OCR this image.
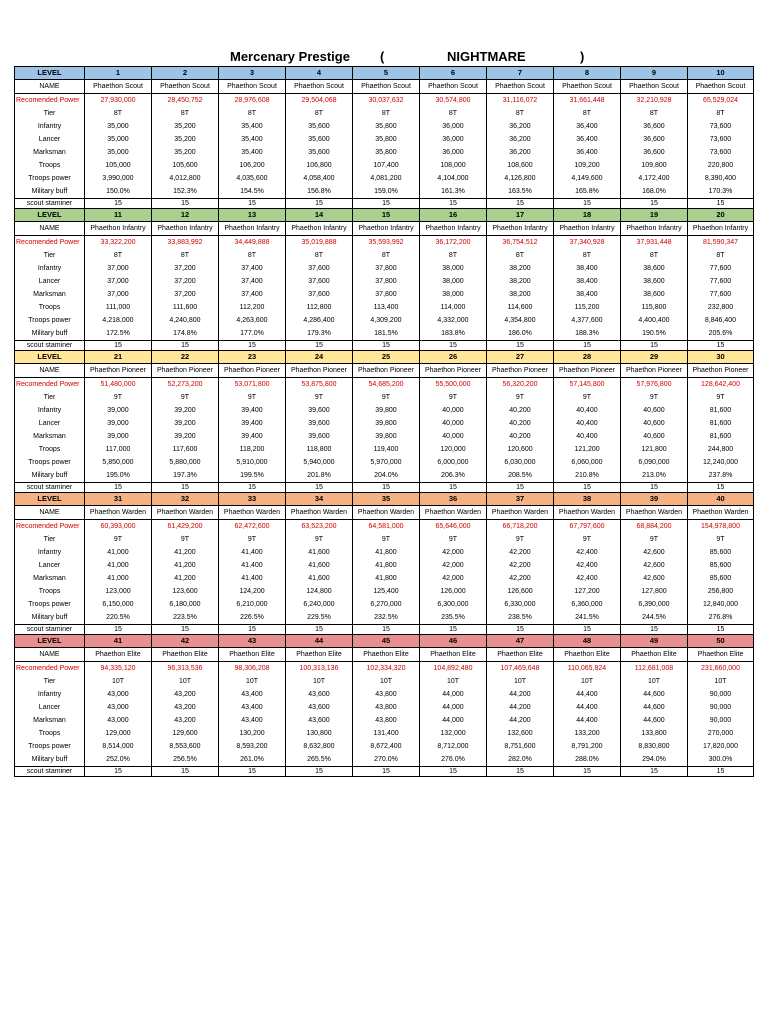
Mercenary Prestige (	NIGHTMARE	)
LEVEL	1	2	3	4	5	6	7	8	9	10
NAME	Phaethon Scout	Phaethon Scout	Phaethon Scout	Phaethon Scout	Phaethon Scout	Phaethon Scout	Phaethon Scout	Phaethon Scout	Phaethon Scout	Phaethon Scout
Recomended Power	27,930,000	28,450,752	28,976,608	29,504,068	30,037,632	30,574,800	31,116,072	31,661,448	32,210,928	65,529,024
Tier	8T	8T	8T	8T	8T	8T	8T	8T	8T	8T
Infantry	35,000	35,200	35,400	35,600	35,800	36,000	36,200	36,400	36,600	73,600
Lancer	35,000	35,200	35,400	35,600	35,800	36,000	36,200	36,400	36,600	73,600
Marksman	35,000	35,200	35,400	35,600	35,800	36,000	36,200	36,400	36,600	73,600
Troops	105,000	105,600	106,200	106,800	107,400	108,000	108,600	109,200	109,800	220,800
Troops power	3,990,000	4,012,800	4,035,600	4,058,400	4,081,200	4,104,000	4,126,800	4,149,600	4,172,400	8,390,400
Military buff	150.0%	152.3%	154.5%	156.8%	159.0%	161.3%	163.5%	165.8%	168.0%	170.3%
scout staminer	15	15	15	15	15	15	15	15	15	15
LEVEL	11	12	13	14	15	16	17	18	19	20
NAME	Phaethon Infantry	Phaethon Infantry	Phaethon Infantry	Phaethon Infantry	Phaethon Infantry	Phaethon Infantry	Phaethon Infantry	Phaethon Infantry	Phaethon Infantry	Phaethon Infantry
Recomended Power	33,322,200	33,883,992	34,449,888	35,019,888	35,593,992	36,172,200	36,754,512	37,340,928	37,931,448	81,590,347
Tier	8T	8T	8T	8T	8T	8T	8T	8T	8T	8T
Infantry	37,000	37,200	37,400	37,600	37,800	38,000	38,200	38,400	38,600	77,600
Lancer	37,000	37,200	37,400	37,600	37,800	38,000	38,200	38,400	38,600	77,600
Marksman	37,000	37,200	37,400	37,600	37,800	38,000	38,200	38,400	38,600	77,600
Troops	111,000	111,600	112,200	112,800	113,400	114,000	114,600	115,200	115,800	232,800
Troops power	4,218,000	4,240,800	4,263,600	4,286,400	4,309,200	4,332,000	4,354,800	4,377,600	4,400,400	8,846,400
Military buff	172.5%	174.8%	177.0%	179.3%	181.5%	183.8%	186.0%	188.3%	190.5%	205.6%
scout staminer	15	15	15	15	15	15	15	15	15	15
LEVEL	21	22	23	24	25	26	27	28	29	30
NAME	Phaethon Pioneer	Phaethon Pioneer	Phaethon Pioneer	Phaethon Pioneer	Phaethon Pioneer	Phaethon Pioneer	Phaethon Pioneer	Phaethon Pioneer	Phaethon Pioneer	Phaethon Pioneer
Recomended Power	51,480,000	52,273,200	53,071,800	53,875,800	54,685,200	55,500,000	56,320,200	57,145,800	57,976,800	128,642,400
Tier	9T	9T	9T	9T	9T	9T	9T	9T	9T	9T
Infantry	39,000	39,200	39,400	39,600	39,800	40,000	40,200	40,400	40,600	81,600
Lancer	39,000	39,200	39,400	39,600	39,800	40,000	40,200	40,400	40,600	81,600
Marksman	39,000	39,200	39,400	39,600	39,800	40,000	40,200	40,400	40,600	81,600
Troops	117,000	117,600	118,200	118,800	119,400	120,000	120,600	121,200	121,800	244,800
Troops power	5,850,000	5,880,000	5,910,000	5,940,000	5,970,000	6,000,000	6,030,000	6,060,000	6,090,000	12,240,000
Military buff	195.0%	197.3%	199.5%	201.8%	204.0%	206.3%	208.5%	210.8%	213.0%	237.8%
scout staminer	15	15	15	15	15	15	15	15	15	15
LEVEL	31	32	33	34	35	36	37	38	39	40
NAME	Phaethon Warden	Phaethon Warden	Phaethon Warden	Phaethon Warden	Phaethon Warden	Phaethon Warden	Phaethon Warden	Phaethon Warden	Phaethon Warden	Phaethon Warden
Recomended Power	60,393,000	61,429,200	62,472,600	63,523,200	64,581,000	65,646,000	66,718,200	67,797,600	68,884,200	154,978,800
Tier	9T	9T	9T	9T	9T	9T	9T	9T	9T	9T
Infantry	41,000	41,200	41,400	41,600	41,800	42,000	42,200	42,400	42,600	85,600
Lancer	41,000	41,200	41,400	41,600	41,800	42,000	42,200	42,400	42,600	85,600
Marksman	41,000	41,200	41,400	41,600	41,800	42,000	42,200	42,400	42,600	85,600
Troops	123,000	123,600	124,200	124,800	125,400	126,000	126,600	127,200	127,800	256,800
Troops power	6,150,000	6,180,000	6,210,000	6,240,000	6,270,000	6,300,000	6,330,000	6,360,000	6,390,000	12,840,000
Military buff	220.5%	223.5%	226.5%	229.5%	232.5%	235.5%	238.5%	241.5%	244.5%	276.8%
scout staminer	15	15	15	15	15	15	15	15	15	15
LEVEL	41	42	43	44	45	46	47	48	49	50
NAME	Phaethon Elite	Phaethon Elite	Phaethon Elite	Phaethon Elite	Phaethon Elite	Phaethon Elite	Phaethon Elite	Phaethon Elite	Phaethon Elite	Phaethon Elite
Recomended Power	94,335,120	96,313,536	98,306,208	100,313,136	102,334,320	104,892,480	107,469,648	110,065,824	112,681,008	231,660,000
Tier	10T	10T	10T	10T	10T	10T	10T	10T	10T	10T
Infantry	43,000	43,200	43,400	43,600	43,800	44,000	44,200	44,400	44,600	90,000
Lancer	43,000	43,200	43,400	43,600	43,800	44,000	44,200	44,400	44,600	90,000
Marksman	43,000	43,200	43,400	43,600	43,800	44,000	44,200	44,400	44,600	90,000
Troops	129,000	129,600	130,200	130,800	131,400	132,000	132,600	133,200	133,800	270,000
Troops power	8,514,000	8,553,600	8,593,200	8,632,800	8,672,400	8,712,000	8,751,600	8,791,200	8,830,800	17,820,000
Military buff	252.0%	256.5%	261.0%	265.5%	270.0%	276.0%	282.0%	288.0%	294.0%	300.0%
scout staminer	15	15	15	15	15	15	15	15	15	15
